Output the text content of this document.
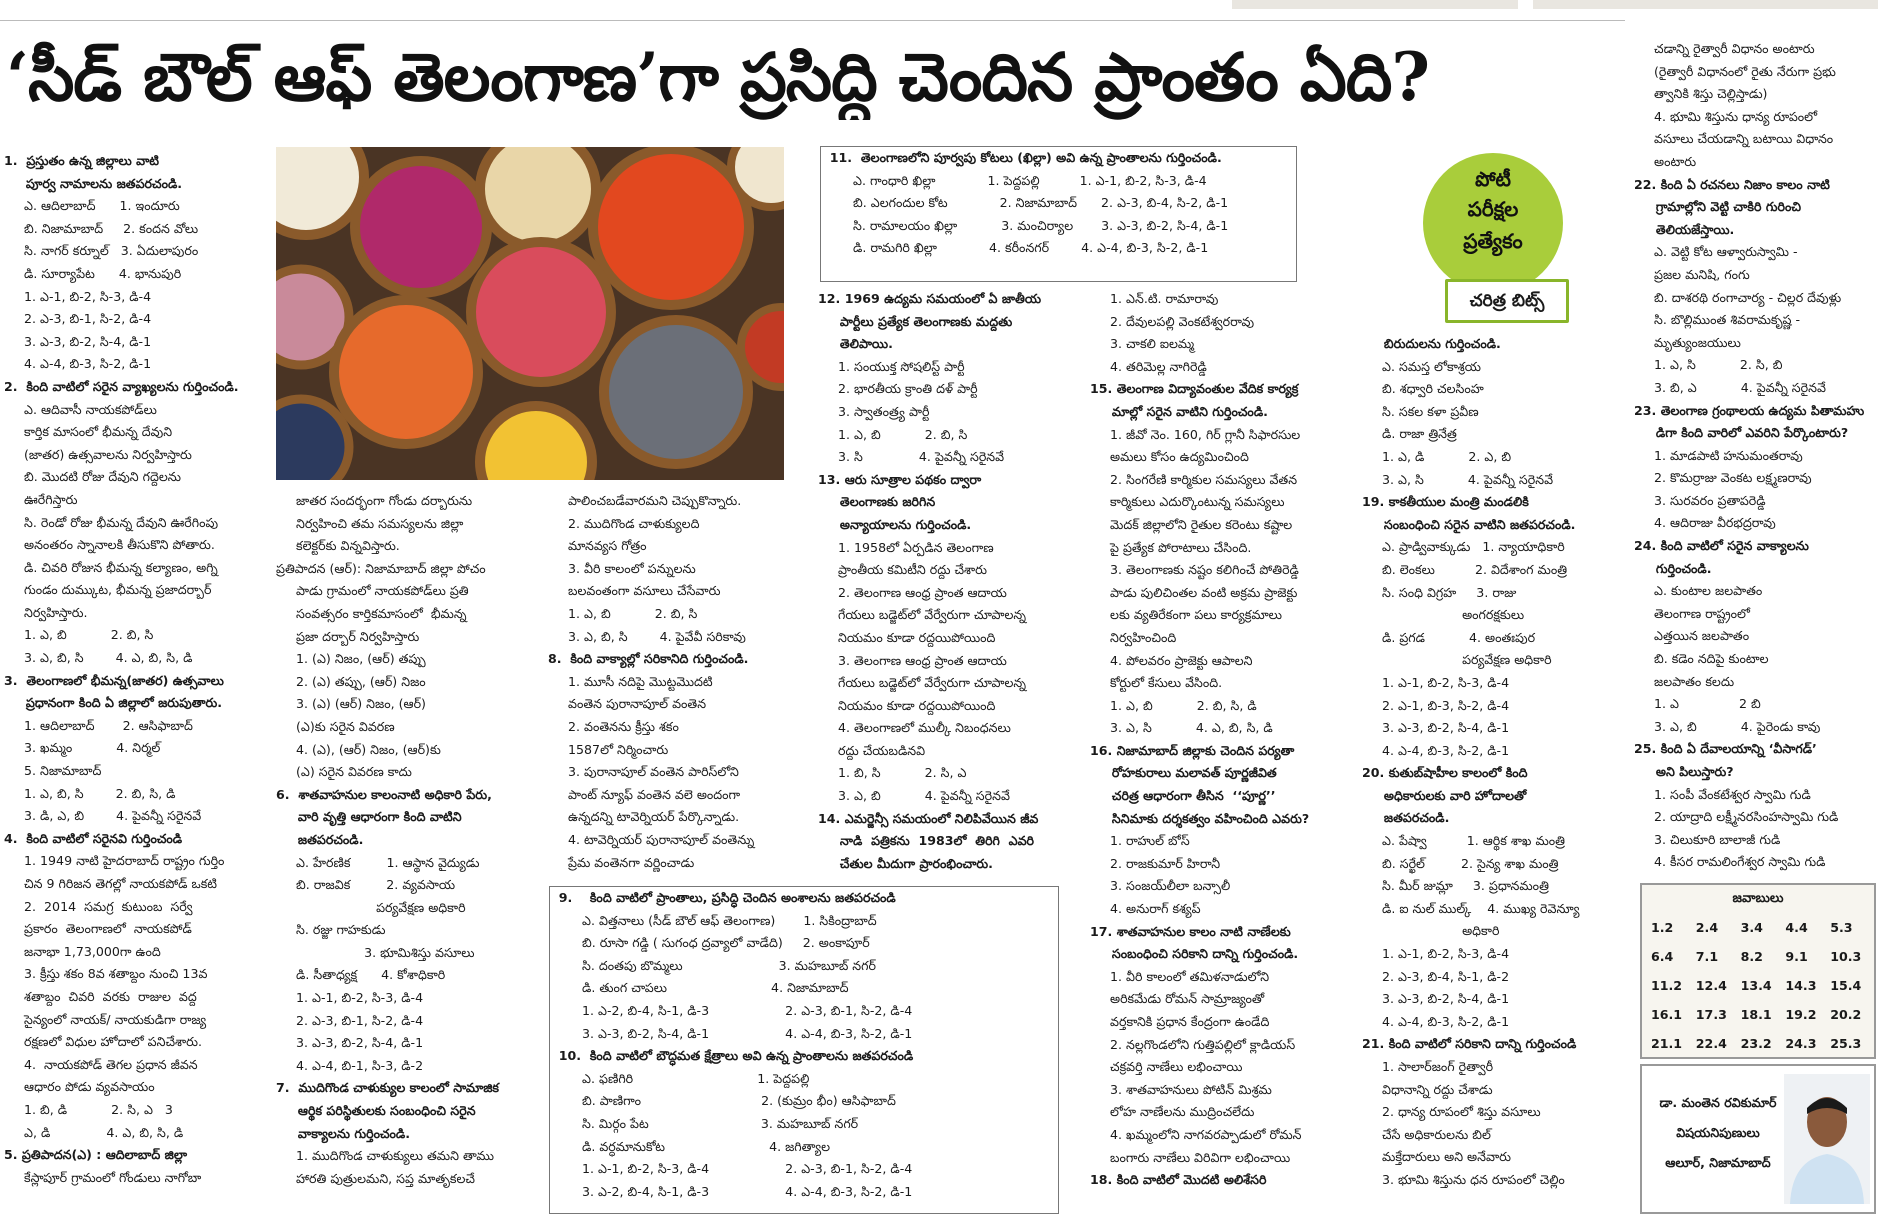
‘సీడ్ బౌల్ ఆఫ్ తెలంగాణ’గా ప్రసిద్ధి చెందిన ప్రాంతం ఏది?

1.  ప్రస్తుతం ఉన్న జిల్లాలు వాటి

పూర్వ నామాలను జతపరచండి.

ఎ. ఆదిలాబాద్      1. ఇందూరు

బి. నిజామాబాద్     2. కందన వోలు

సి. నాగర్ కర్నూల్   3. ఏదులాపురం

డి. సూర్యాపేట      4. భానుపురి

1. ఎ-1, బి-2, సి-3, డి-4

2. ఎ-3, బి-1, సి-2, డి-4

3. ఎ-3, బి-2, సి-4, డి-1

4. ఎ-4, బి-3, సి-2, డి-1

2.  కింది వాటిలో సరైన వ్యాఖ్యలను గుర్తించండి.

ఎ. ఆదివాసీ నాయకపోడ్‌లు

కార్తిక మాసంలో భీమన్న దేవుని

(జాతర) ఉత్సవాలను నిర్వహిస్తారు

బి. మొదటి రోజు దేవుని గద్దెలను

ఊరేగిస్తారు

సి. రెండో రోజు భీమన్న దేవుని ఊరేగింపు

అనంతరం స్నానాలకి తీసుకొని పోతారు.

డి. చివరి రోజున భీమన్న కల్యాణం, అగ్ని

గుండం దుమ్కుట, భీమన్న ప్రజాదర్బార్

నిర్వహిస్తారు.

1. ఎ, బి           2. బి, సి

3. ఎ, బి, సి        4. ఎ, బి, సి, డి

3.  తెలంగాణలో భీమన్న(జాతర) ఉత్సవాలు

ప్రధానంగా కింది ఏ జిల్లాలో జరుపుతారు.

1. ఆదిలాబాద్       2. ఆసిఫాబాద్

3. ఖమ్మం           4. నిర్మల్

5. నిజామాబాద్

1. ఎ, బి, సి        2. బి, సి, డి

3. డి, ఎ, బి        4. పైవన్నీ సరైనవే

4.  కింది వాటిలో సరైనవి గుర్తించండి

1. 1949 నాటి హైదరాబాద్ రాష్ట్రం గుర్తిం

చిన 9 గిరిజన తెగల్లో నాయకపోడ్ ఒకటి

2.  2014  సమగ్ర  కుటుంబ  సర్వే

ప్రకారం  తెలంగాణలో  నాయకపోడ్

జనాభా 1,73,000గా ఉంది

3. క్రీస్తు శకం 8వ శతాబ్దం నుంచి 13వ

శతాబ్దం  చివరి  వరకు  రాజుల  వద్ద

సైన్యంలో నాయక్/ నాయకుడిగా రాజ్య

రక్షణలో విధుల హోదాలో పనిచేశారు.

4.  నాయకపోడ్ తెగల ప్రధాన జీవన

ఆధారం పోడు వ్యవసాయం

1. బి, డి           2. సి, ఎ   3

ఎ, డి              4. ఎ, బి, సి, డి

5. ప్రతిపాదన(ఎ) : ఆదిలాబాద్ జిల్లా

కేస్లాపూర్ గ్రామంలో గోండులు నాగోబా

జాతర సందర్భంగా గోండు దర్బారును

నిర్వహించి తమ సమస్యలను జిల్లా

కలెక్టర్‌కు విన్నవిస్తారు.

ప్రతిపాదన (ఆర్): నిజామాబాద్ జిల్లా పోచం

పాడు గ్రామంలో నాయకపోడ్‌లు ప్రతి

సంవత్సరం కార్తికమాసంలో  భీమన్న

ప్రజా దర్బార్ నిర్వహిస్తారు

1. (ఎ) నిజం, (ఆర్) తప్పు

2. (ఎ) తప్పు, (ఆర్) నిజం

3. (ఎ) (ఆర్) నిజం, (ఆర్)

(ఎ)కు సరైన వివరణ

4. (ఎ), (ఆర్) నిజం, (ఆర్)కు

(ఎ) సరైన వివరణ కాదు

6.  శాతవాహనుల కాలంనాటి అధికారి పేరు,

వారి వృత్తి ఆధారంగా కింది వాటిని

జతపరచండి.

ఎ. హేరణిక         1. ఆస్థాన వైద్యుడు

బి. రాజవిక         2. వ్యవసాయ

పర్యవేక్షణ అధికారి

సి. రజ్జు గాహకుడు

3. భూమిశిస్తు వసూలు

డి. సీతాధ్యక్ష      4. కోశాధికారి

1. ఎ-1, బి-2, సి-3, డి-4

2. ఎ-3, బి-1, సి-2, డి-4

3. ఎ-3, బి-2, సి-4, డి-1

4. ఎ-4, బి-1, సి-3, డి-2

7.  ముదిగొండ చాళుక్యుల కాలంలో సామాజిక

ఆర్థిక పరిస్థితులకు సంబంధించి సరైన

వాక్యాలను గుర్తించండి.

1. ముదిగొండ చాళుక్యులు తమని తాము

హారతి పుత్రులమని, సప్త మాతృకలచే

పాలించబడేవారమని చెప్పుకొన్నారు.

2. ముదిగొండ చాళుక్యులది

మానవ్యస గోత్రం

3. వీరి కాలంలో పన్నులను

బలవంతంగా వసూలు చేసేవారు

1. ఎ, బి           2. బి, సి

3. ఎ, బి, సి        4. పైవేవీ సరికావు

8.  కింది వాక్యాల్లో సరికానిది గుర్తించండి.

1. మూసీ నదిపై మొట్టమొదటి

వంతెన పురానాపూల్ వంతెన

2. వంతెనను క్రీస్తు శకం

1587లో నిర్మించారు

3. పురానాపూల్ వంతెన పారిస్‌లోని

పాంట్ న్యూఫ్ వంతెన వలె అందంగా

ఉన్నదన్ని టావెర్నియర్ పేర్కొన్నాడు.

4. టావెర్నియర్ పురానాపూల్ వంతెన్ను

ప్రేమ వంతెనగా వర్ణించాడు

11.  తెలంగాణలోని పూర్వపు కోటలు (ఖిల్లా) అవి ఉన్న ప్రాంతాలను గుర్తించండి.

ఎ. గాంధారి ఖిల్లా             1. పెద్దపల్లి          1. ఎ-1, బి-2, సి-3, డి-4

బి. ఎలగందుల కోట             2. నిజామాబాద్      2. ఎ-3, బి-4, సి-2, డి-1

సి. రామాలయం ఖిల్లా           3. మంచిర్యాల       3. ఎ-3, బి-2, సి-4, డి-1

డి. రామగిరి ఖిల్లా             4. కరీంనగర్        4. ఎ-4, బి-3, సి-2, డి-1

పోటీ
పరీక్షల
ప్రత్యేకం
చరిత్ర బిట్స్

12. 1969 ఉద్యమ సమయంలో ఏ జాతీయ

పార్టీలు ప్రత్యేక తెలంగాణకు మద్దతు

తెలిపాయి.

1. సంయుక్త సోషలిస్ట్ పార్టీ

2. భారతీయ క్రాంతి దళ్ పార్టీ

3. స్వాతంత్ర్య పార్టీ

1. ఎ, బి           2. బి, సి

3. సి              4. పైవన్నీ సరైనవే

13. ఆరు సూత్రాల పథకం ద్వారా

తెలంగాణకు జరిగిన

అన్యాయాలను గుర్తించండి.

1. 1958లో ఏర్పడిన తెలంగాణ

ప్రాంతీయ కమిటీని రద్దు చేశారు

2. తెలంగాణ ఆంధ్ర ప్రాంత ఆదాయ

గేయలు బడ్జెట్‌లో వేర్వేరుగా చూపాలన్న

నియమం కూడా రద్దయిపోయింది

3. తెలంగాణ ఆంధ్ర ప్రాంత ఆదాయ

గేయలు బడ్జెట్‌లో వేర్వేరుగా చూపాలన్న

నియమం కూడా రద్దయిపోయింది

4. తెలంగాణలో ముల్కీ నిబంధనలు

రద్దు చేయబడినవి

1. బి, సి           2. సి, ఎ

3. ఎ, బి           4. పైవన్నీ సరైనవే

14. ఎమర్జెన్సీ సమయంలో నిలిపివేయిన జీవ

నాడి  పత్రికను  1983లో  తిరిగి  ఎవరి

చేతుల మీదుగా ప్రారంభించారు.

1. ఎన్.టి. రామారావు

2. దేవులపల్లి వెంకటేశ్వరరావు

3. చాకలి ఐలమ్మ

4. తరిమెల్ల నాగిరెడ్డి

15. తెలంగాణ విద్యావంతుల వేదిక కార్యక్ర

మాల్లో సరైన వాటిని గుర్తించండి.

1. జీవో నెం. 160, గిర్ గ్లానీ సిఫారసుల

అమలు కోసం ఉద్యమించింది

2. సింగరేణి కార్మికుల సమస్యలు వేతన

కార్మికులు ఎదుర్కొంటున్న సమస్యలు

మెదక్ జిల్లాలోని రైతుల కరెంటు కష్టాల

పై ప్రత్యేక పోరాటాలు చేసింది.

3. తెలంగాణకు నష్టం కలిగించే పోతిరెడ్డి

పాడు పులిచింతల వంటి అక్రమ ప్రాజెక్టు

లకు వ్యతిరేకంగా పలు కార్యక్రమాలు

నిర్వహించింది

4. పోలవరం ప్రాజెక్టు ఆపాలని

కోర్టులో కేసులు వేసింది.

1. ఎ, బి           2. బి, సి, డి

3. ఎ, సి           4. ఎ, బి, సి, డి

16. నిజామాబాద్ జిల్లాకు చెందిన పర్యతా

రోహకురాలు మలావత్ పూర్ణజీవిత

చరిత్ర ఆధారంగా తీసిన  ‘‘పూర్ణ’’

సినిమాకు దర్శకత్వం వహించింది ఎవరు?

1. రాహుల్ బోస్

2. రాజకుమార్ హిరానీ

3. సంజయ్‌లీలా బన్సాలీ

4. అనురాగ్ కశ్యప్

17. శాతవాహనుల కాలం నాటి నాణేలకు

సంబంధించి సరికాని దాన్ని గుర్తించండి.

1. వీరి కాలంలో తమిళనాడులోని

అరికమేడు రోమన్ సామ్రాజ్యంతో

వర్తకానికి ప్రధాన కేంద్రంగా ఉండేది

2. నల్లగొండలోని గుత్తిపల్లిలో క్లాడియస్

చక్రవర్తి నాణేలు లభించాయి

3. శాతవాహనులు పోటిన్ మిశ్రమ

లోహ నాణేలను ముద్రించలేదు

4. ఖమ్మంలోని నాగవరప్పాడులో రోమన్

బంగారు నాణేలు విరివిగా లభించాయి

18. కింది వాటిలో మొదటి అలిశేసరి

బిరుదులను గుర్తించండి.

ఎ. సమస్త లోకాశ్రయ

బి. శధ్వారి చలసింహ

సి. సకల కళా ప్రవీణ

డి. రాజా త్రినేత్ర

1. ఎ, డి           2. ఎ, బి

3. ఎ, సి           4. పైవన్నీ సరైనవే

19. కాకతీయుల మంత్రి మండలికి

సంబంధించి సరైన వాటిని జతపరచండి.

ఎ. ప్రాడ్వివాక్కుడు   1. న్యాయాధికారి

బి. లెంకలు          2. విదేశాంగ మంత్రి

సి. సంధి విగ్రహ     3. రాజు

అంగరక్షకులు

డి. ప్రగడ           4. అంతఃపుర

పర్యవేక్షణ అధికారి

1. ఎ-1, బి-2, సి-3, డి-4

2. ఎ-1, బి-3, సి-2, డి-4

3. ఎ-3, బి-2, సి-4, డి-1

4. ఎ-4, బి-3, సి-2, డి-1

20. కుతుబ్‌షాహీల కాలంలో కింది

అధికారులకు వారి హోదాలతో

జతపరచండి.

ఎ. పేష్వా          1. ఆర్థిక శాఖ మంత్రి

బి. సర్ఖేల్         2. సైన్య శాఖ మంత్రి

సి. మీర్ జుమ్లా     3. ప్రధానమంత్రి

డి. ఐ నుల్ ముల్క్    4. ముఖ్య రెవెన్యూ

అధికారి

1. ఎ-1, బి-2, సి-3, డి-4

2. ఎ-3, బి-4, సి-1, డి-2

3. ఎ-3, బి-2, సి-4, డి-1

4. ఎ-4, బి-3, సి-2, డి-1

21. కింది వాటిలో సరికాని దాన్ని గుర్తించండి

1. సాలార్‌జంగ్ రైత్వారీ

విధానాన్ని రద్దు చేశాడు

2. ధాన్య రూపంలో శిస్తు వసూలు

చేసే అధికారులను బిల్

మక్తేదారులు అని అనేవారు

3. భూమి శిస్తును ధన రూపంలో చెల్లిం

చడాన్ని రైత్వారీ విధానం అంటారు

(రైత్వారీ విధానంలో రైతు నేరుగా ప్రభు

త్వానికి శిస్తు చెల్లిస్తాడు)

4. భూమి శిస్తును ధాన్య రూపంలో

వసూలు చేయడాన్ని బటాయి విధానం

అంటారు

22. కింది ఏ రచనలు నిజాం కాలం నాటి

గ్రామాల్లోని వెట్టి చాకిరి గురించి

తెలియజేస్తాయి.

ఎ. వెట్టి కోట ఆళ్వారుస్వామి -

ప్రజల మనిషి, గంగు

బి. దాశరథి రంగాచార్య - చిల్లర దేవుళ్లు

సి. బొల్లిముంత శివరామకృష్ణ -

మృత్యుంజయులు

1. ఎ, సి           2. సి, బి

3. బి, ఎ           4. పైవన్నీ సరైనవే

23. తెలంగాణ గ్రంథాలయ ఉద్యమ పితామహు

డిగా కింది వారిలో ఎవరిని పేర్కొంటారు?

1. మాడపాటి హనుమంతరావు

2. కొమర్రాజు వెంకట లక్ష్మణరావు

3. సురవరం ప్రతాపరెడ్డి

4. ఆదిరాజు వీరభద్రరావు

24. కింది వాటిలో సరైన వాక్యాలను

గుర్తించండి.

ఎ. కుంటాల జలపాతం

తెలంగాణ రాష్ట్రంలో

ఎత్తయిన జలపాతం

బి. కడెం నదిపై కుంటాల

జలపాతం కలదు

1. ఎ               2 బి

3. ఎ, బి           4. పైరెండు కావు

25. కింది ఏ దేవాలయాన్ని ‘వీసాగడ్’

అని పిలుస్తారు?

1. సంపీ వేంకటేశ్వర స్వామి గుడి

2. యాద్రాది లక్ష్మీనరసింహస్వామి గుడి

3. చిలుకూరి బాలాజీ గుడి

4. కీసర రామలింగేశ్వర స్వామి గుడి

9.    కింది వాటిలో ప్రాంతాలు, ప్రసిద్ధి చెందిన అంశాలను జతపరచండి

ఎ. విత్తనాలు (సీడ్ బౌల్ ఆఫ్ తెలంగాణ)       1. సికింద్రాబాద్

బి. రూసా గడ్డి ( సుగంధ ద్రవ్యాలో వాడేది)     2. అంకాపూర్

సి. దంతపు బొమ్మలు                        3. మహబూబ్ నగర్

డి. తుంగ చాపలు                          4. నిజామాబాద్

1. ఎ-2, బి-4, సి-1, డి-3                   2. ఎ-3, బి-1, సి-2, డి-4

3. ఎ-3, బి-2, సి-4, డి-1                   4. ఎ-4, బి-3, సి-2, డి-1

10.  కింది వాటిలో బౌద్ధమత క్షేత్రాలు అవి ఉన్న ప్రాంతాలను జతపరచండి

ఎ. ఫణిగిరి                               1. పెద్దపల్లి

బి. పాణిగాం                              2. (కుమ్రం భీం) ఆసిఫాబాద్

సి. మిర్గం పేట                            3. మహబూబ్ నగర్

డి. వర్ధమానుకోట                          4. జగిత్యాల

1. ఎ-1, బి-2, సి-3, డి-4                   2. ఎ-3, బి-1, సి-2, డి-4

3. ఎ-2, బి-4, సి-1, డి-3                   4. ఎ-4, బి-3, సి-2, డి-1

జవాబులు
1.2	2.4	3.4	4.4	5.3
6.4	7.1	8.2	9.1	10.3
11.2	12.4	13.4	14.3	15.4
16.1	17.3	18.1	19.2	20.2
21.1	22.4	23.2	24.3	25.3
డా. మంతెన రవికుమార్
విషయనిపుణులు
ఆలూర్, నిజామాబాద్
